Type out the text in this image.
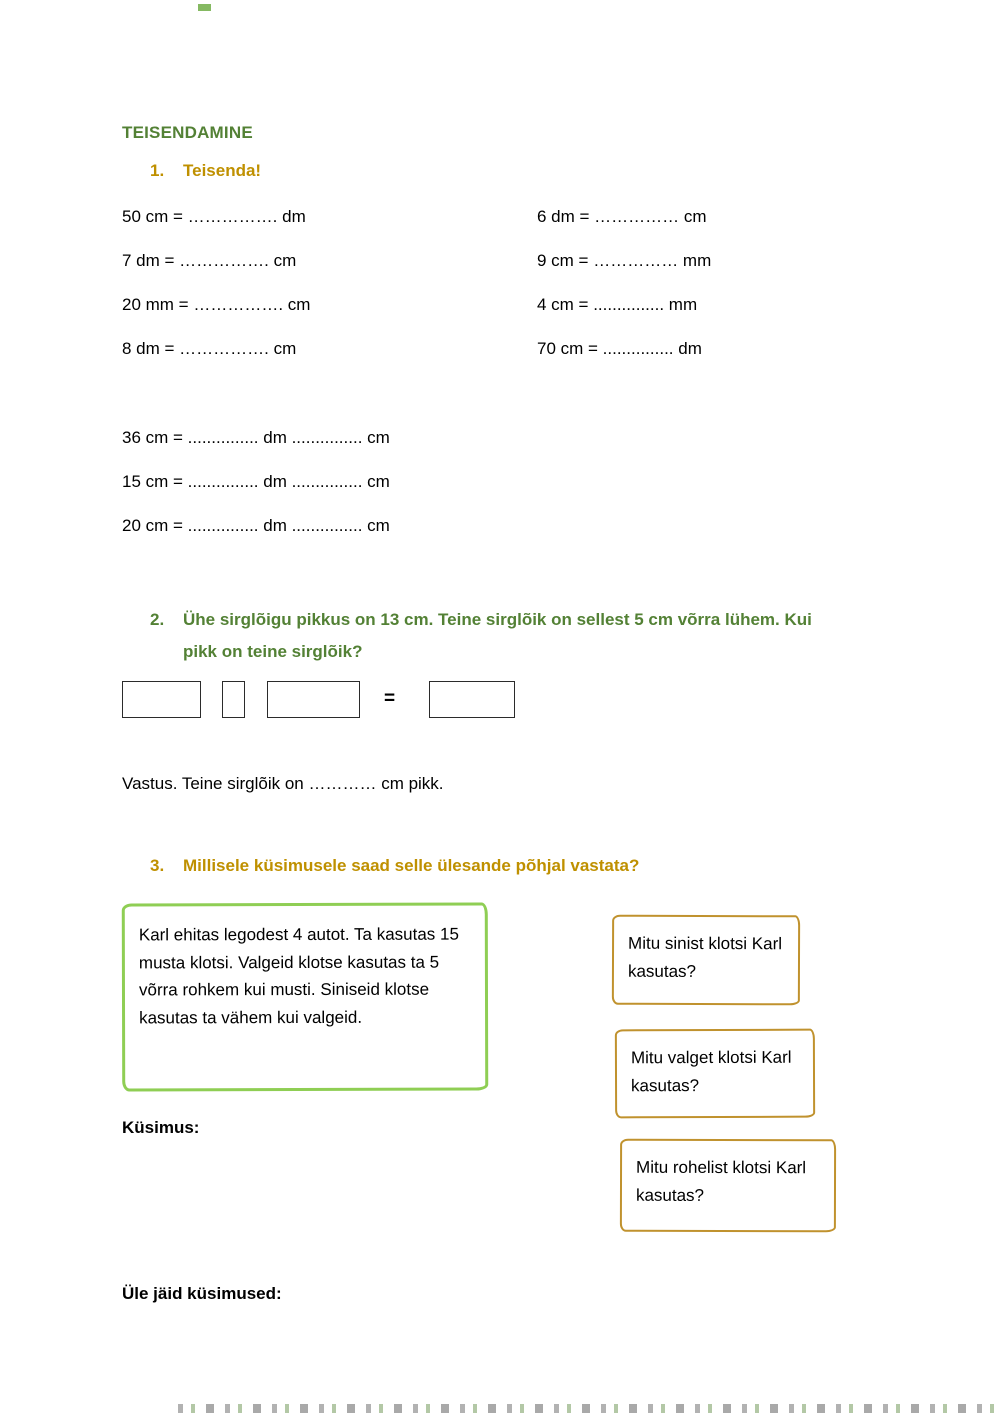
TEISENDAMINE
1.	Teisenda!

50 cm = ……………. dm

7 dm = ……………. cm

20 mm = ……………. cm

8 dm = ……………. cm

6 dm = …………… cm

9 cm = …………… mm

4 cm = ............... mm

70 cm = ............... dm

36 cm = ............... dm ............... cm

15 cm = ............... dm ............... cm

20 cm = ............... dm ............... cm

2.	Ühe sirglõigu pikkus on 13 cm. Teine sirglõik on sellest 5 cm võrra lühem. Kui pikk on teine sirglõik?
=
Vastus. Teine sirglõik on ………… cm pikk.
3.	Millisele küsimusele saad selle ülesande põhjal vastata?
Karl ehitas legodest 4 autot. Ta kasutas 15 musta klotsi. Valgeid klotse kasutas ta 5 võrra rohkem kui musti. Siniseid klotse kasutas ta vähem kui valgeid.
Küsimus:
Mitu sinist klotsi Karl kasutas?
Mitu valget klotsi Karl kasutas?
Mitu rohelist klotsi Karl kasutas?
Üle jäid küsimused:
